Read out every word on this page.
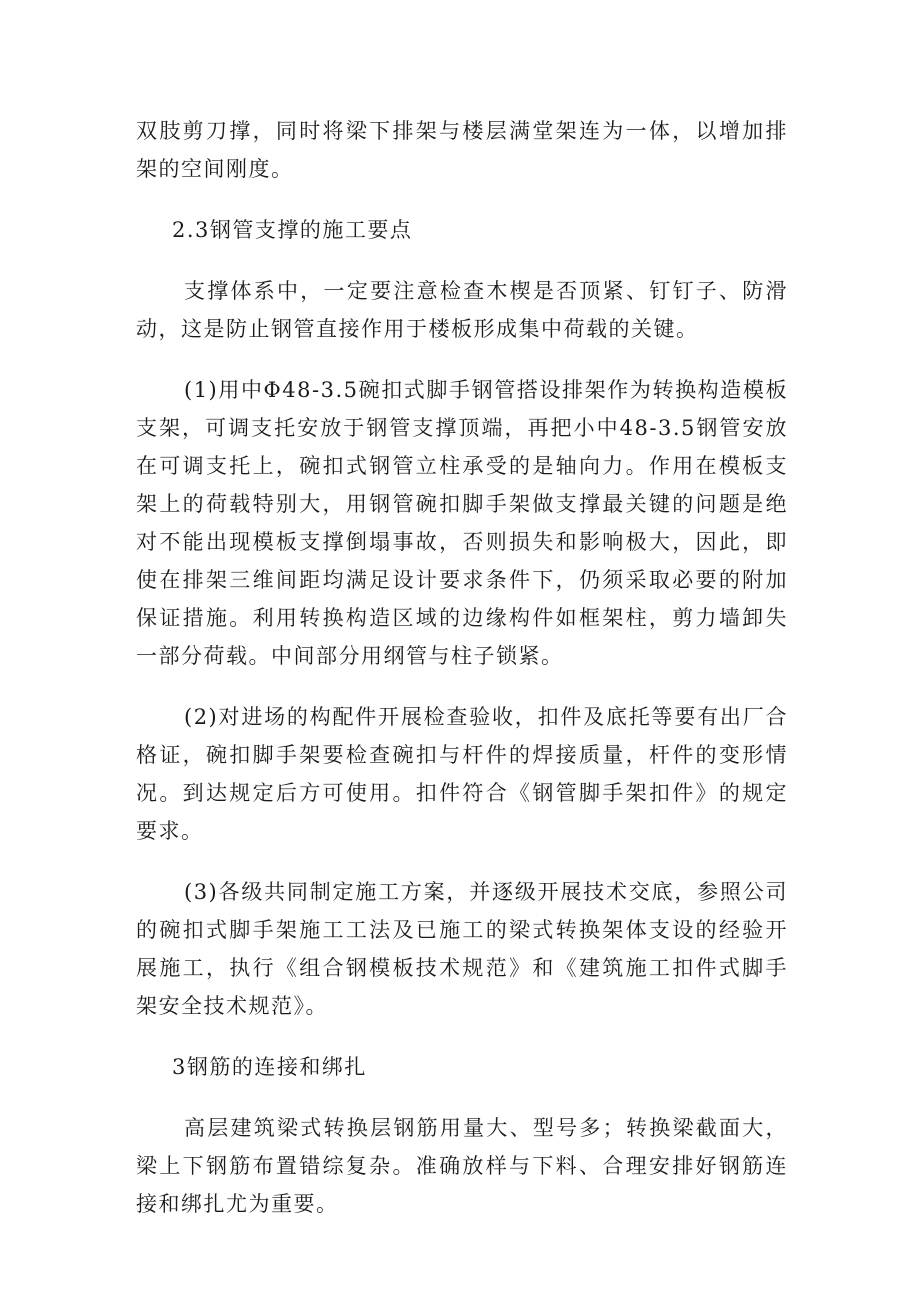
双肢剪刀撑，同时将梁下排架与楼层满堂架连为一体，以增加排架的空间刚度。

2.3钢管支撑的施工要点

支撑体系中，一定要注意检查木楔是否顶紧、钉钉子、防滑动，这是防止钢管直接作用于楼板形成集中荷载的关键。

(1)用中Φ48-3.5碗扣式脚手钢管搭设排架作为转换构造模板支架，可调支托安放于钢管支撑顶端，再把小中48-3.5钢管安放在可调支托上，碗扣式钢管立柱承受的是轴向力。作用在模板支架上的荷载特别大，用钢管碗扣脚手架做支撑最关键的问题是绝对不能出现模板支撑倒塌事故，否则损失和影响极大，因此，即使在排架三维间距均满足设计要求条件下，仍须采取必要的附加保证措施。利用转换构造区域的边缘构件如框架柱，剪力墙卸失一部分荷载。中间部分用纲管与柱子锁紧。

(2)对进场的构配件开展检查验收，扣件及底托等要有出厂合格证，碗扣脚手架要检查碗扣与杆件的焊接质量，杆件的变形情况。到达规定后方可使用。扣件符合《钢管脚手架扣件》的规定要求。

(3)各级共同制定施工方案，并逐级开展技术交底，参照公司的碗扣式脚手架施工工法及已施工的梁式转换架体支设的经验开展施工，执行《组合钢模板技术规范》和《建筑施工扣件式脚手架安全技术规范》。

3钢筋的连接和绑扎

高层建筑梁式转换层钢筋用量大、型号多；转换梁截面大，梁上下钢筋布置错综复杂。准确放样与下料、合理安排好钢筋连接和绑扎尤为重要。
